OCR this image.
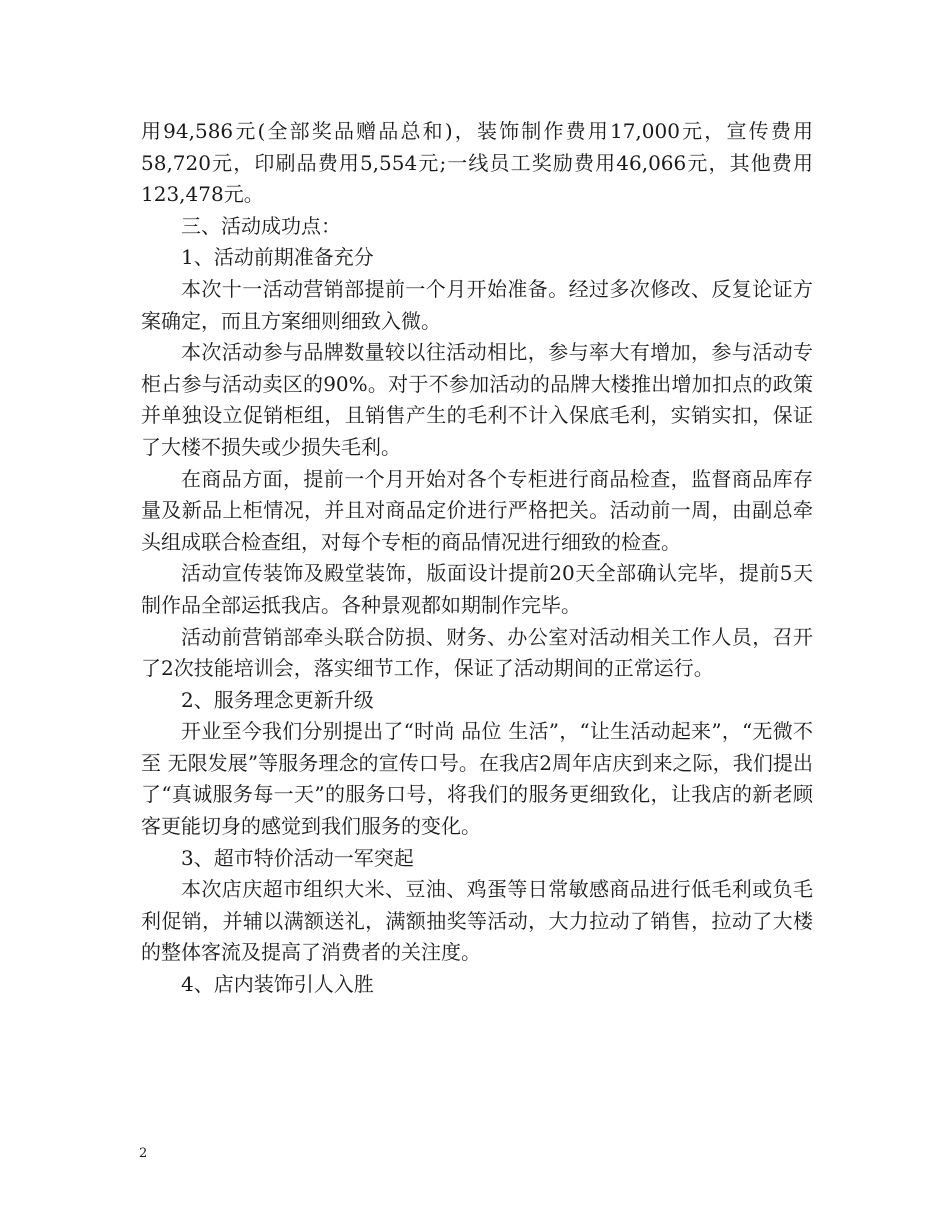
用94,586元(全部奖品赠品总和)，装饰制作费用17,000元，宣传费用58,720元，印刷品费用5,554元;一线员工奖励费用46,066元，其他费用123,478元。

三、活动成功点：

1、活动前期准备充分

本次十一活动营销部提前一个月开始准备。经过多次修改、反复论证方案确定，而且方案细则细致入微。

本次活动参与品牌数量较以往活动相比，参与率大有增加，参与活动专柜占参与活动卖区的90%。对于不参加活动的品牌大楼推出增加扣点的政策并单独设立促销柜组，且销售产生的毛利不计入保底毛利，实销实扣，保证了大楼不损失或少损失毛利。

在商品方面，提前一个月开始对各个专柜进行商品检查，监督商品库存量及新品上柜情况，并且对商品定价进行严格把关。活动前一周，由副总牵头组成联合检查组，对每个专柜的商品情况进行细致的检查。

活动宣传装饰及殿堂装饰，版面设计提前20天全部确认完毕，提前5天制作品全部运抵我店。各种景观都如期制作完毕。

活动前营销部牵头联合防损、财务、办公室对活动相关工作人员，召开了2次技能培训会，落实细节工作，保证了活动期间的正常运行。

2、服务理念更新升级

开业至今我们分别提出了“时尚 品位 生活”，“让生活动起来”，“无微不至 无限发展”等服务理念的宣传口号。在我店2周年店庆到来之际，我们提出了“真诚服务每一天”的服务口号，将我们的服务更细致化，让我店的新老顾客更能切身的感觉到我们服务的变化。

3、超市特价活动一军突起

本次店庆超市组织大米、豆油、鸡蛋等日常敏感商品进行低毛利或负毛利促销，并辅以满额送礼，满额抽奖等活动，大力拉动了销售，拉动了大楼的整体客流及提高了消费者的关注度。

4、店内装饰引人入胜

2
